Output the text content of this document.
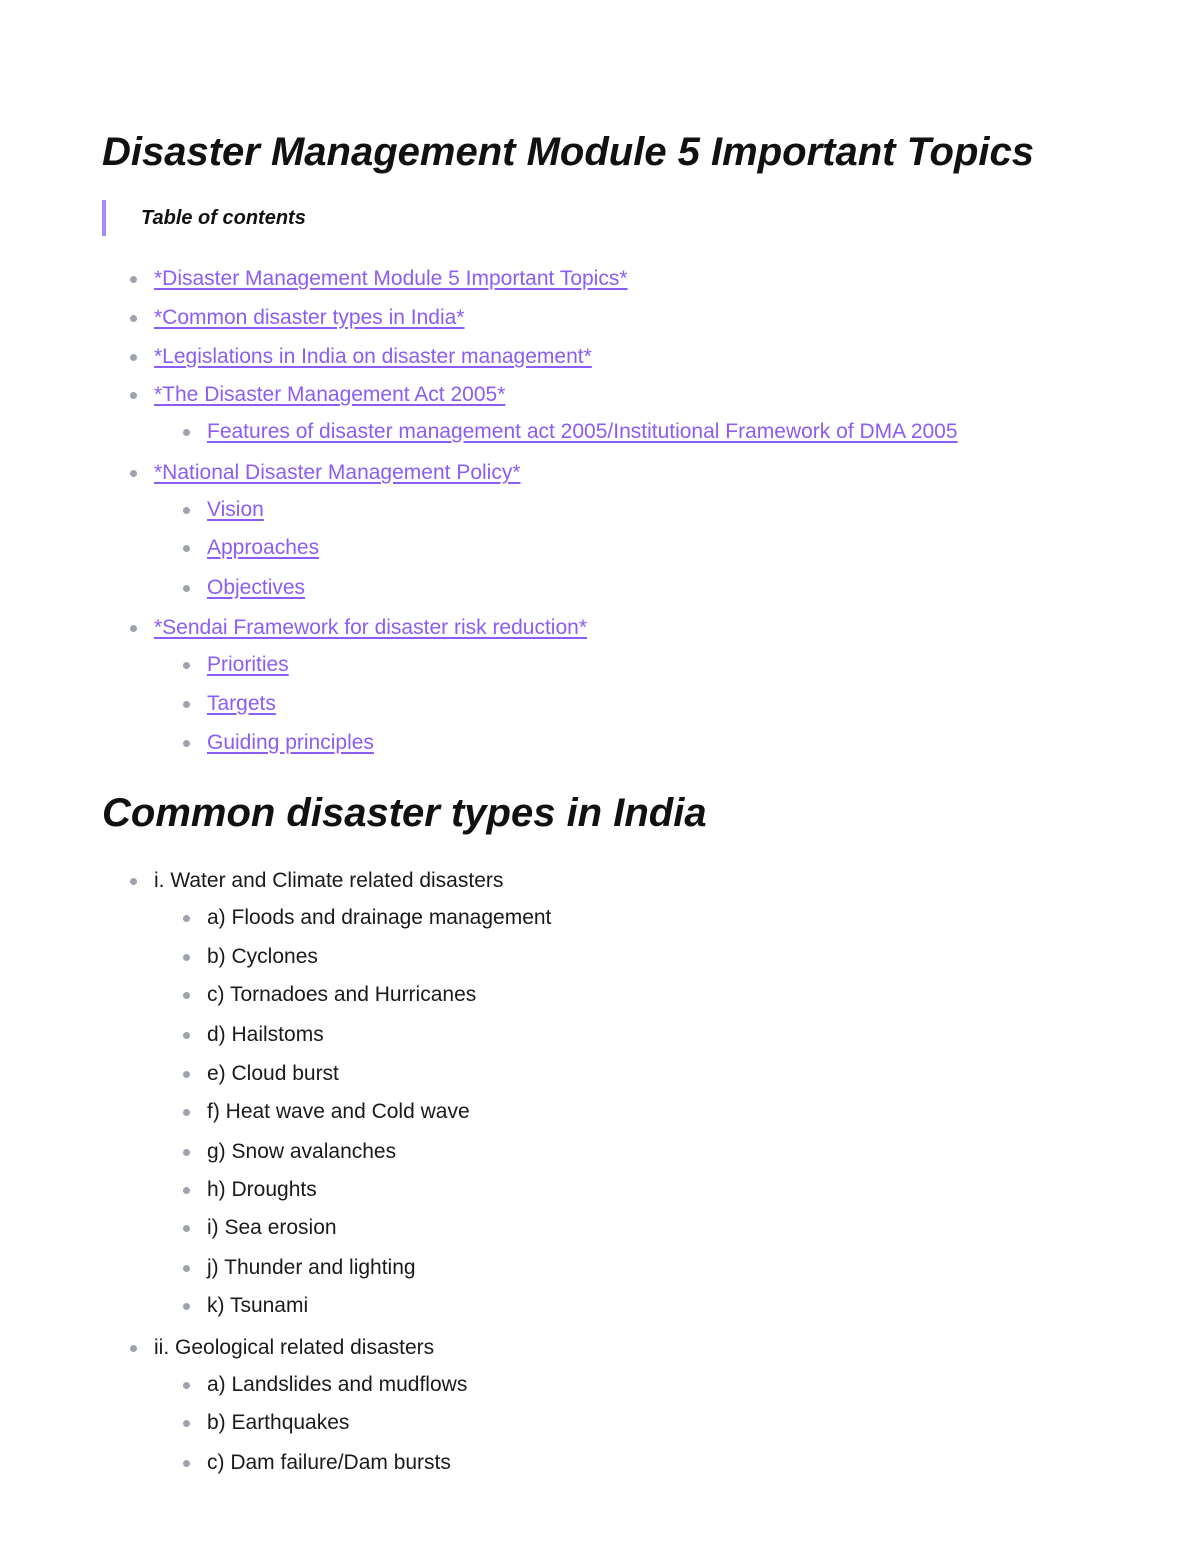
Disaster Management Module 5 Important Topics
Table of contents
*Disaster Management Module 5 Important Topics*
*Common disaster types in India*
*Legislations in India on disaster management*
*The Disaster Management Act 2005*
Features of disaster management act 2005/Institutional Framework of DMA 2005
*National Disaster Management Policy*
Vision
Approaches
Objectives
*Sendai Framework for disaster risk reduction*
Priorities
Targets
Guiding principles
Common disaster types in India
i. Water and Climate related disasters
a) Floods and drainage management
b) Cyclones
c) Tornadoes and Hurricanes
d) Hailstoms
e) Cloud burst
f) Heat wave and Cold wave
g) Snow avalanches
h) Droughts
i) Sea erosion
j) Thunder and lighting
k) Tsunami
ii. Geological related disasters
a) Landslides and mudflows
b) Earthquakes
c) Dam failure/Dam bursts
